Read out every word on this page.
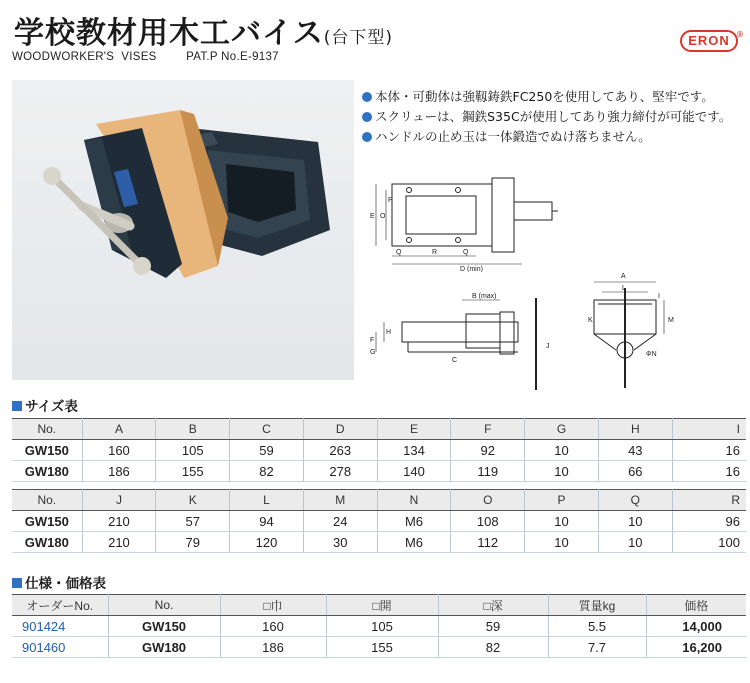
学校教材用木工バイス(台下型)	ERON ®
WOODWORKER'S  VISES	PAT.P No.E-9137
本体・可動体は強靱鋳鉄FC250を使用してあり、堅牢です。
スクリューは、鋼鉄S35Cが使用してあり強力締付が可能です。
ハンドルの止め玉は一体鍛造でぬけ落ちません。
E O
P
Q	R	Q
D (min)
B (max)
H
F
G
C
J
A
L
K
I
M
ΦN
サイズ表
No.	A	B	C	D	E	F	G	H	I
GW150	160	105	59	263	134	92	10	43	16
GW180	186	155	82	278	140	119	10	66	16
No.	J	K	L	M	N	O	P	Q	R
GW150	210	57	94	24	M6	108	10	10	96
GW180	210	79	120	30	M6	112	10	10	100
仕様・価格表
オーダーNo.	No.	□巾	□開	□深	質量kg	価格
901424	GW150	160	105	59	5.5	14,000
901460	GW180	186	155	82	7.7	16,200
